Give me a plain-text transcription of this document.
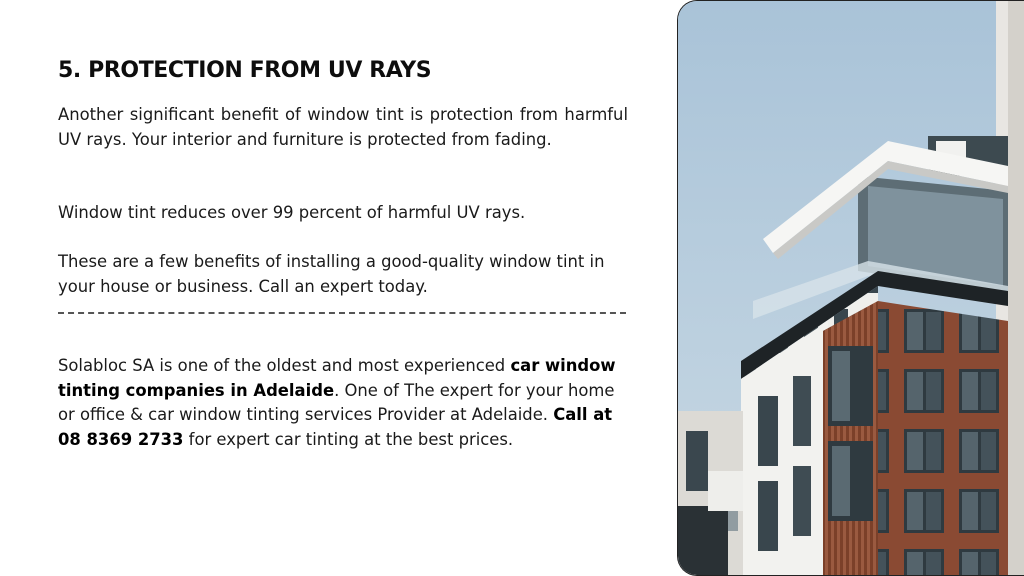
5. PROTECTION FROM UV RAYS

Another significant benefit of window tint is protection from harmful UV rays. Your interior and furniture is protected from fading.

Window tint reduces over 99 percent of harmful UV rays.

These are a few benefits of installing a good-quality window tint in your house or business. Call an expert today.

Solabloc SA is one of the oldest and most experienced car window tinting companies in Adelaide. One of The expert for your home or office & car window tinting services Provider at Adelaide. Call at 08 8369 2733 for expert car tinting at the best prices.
